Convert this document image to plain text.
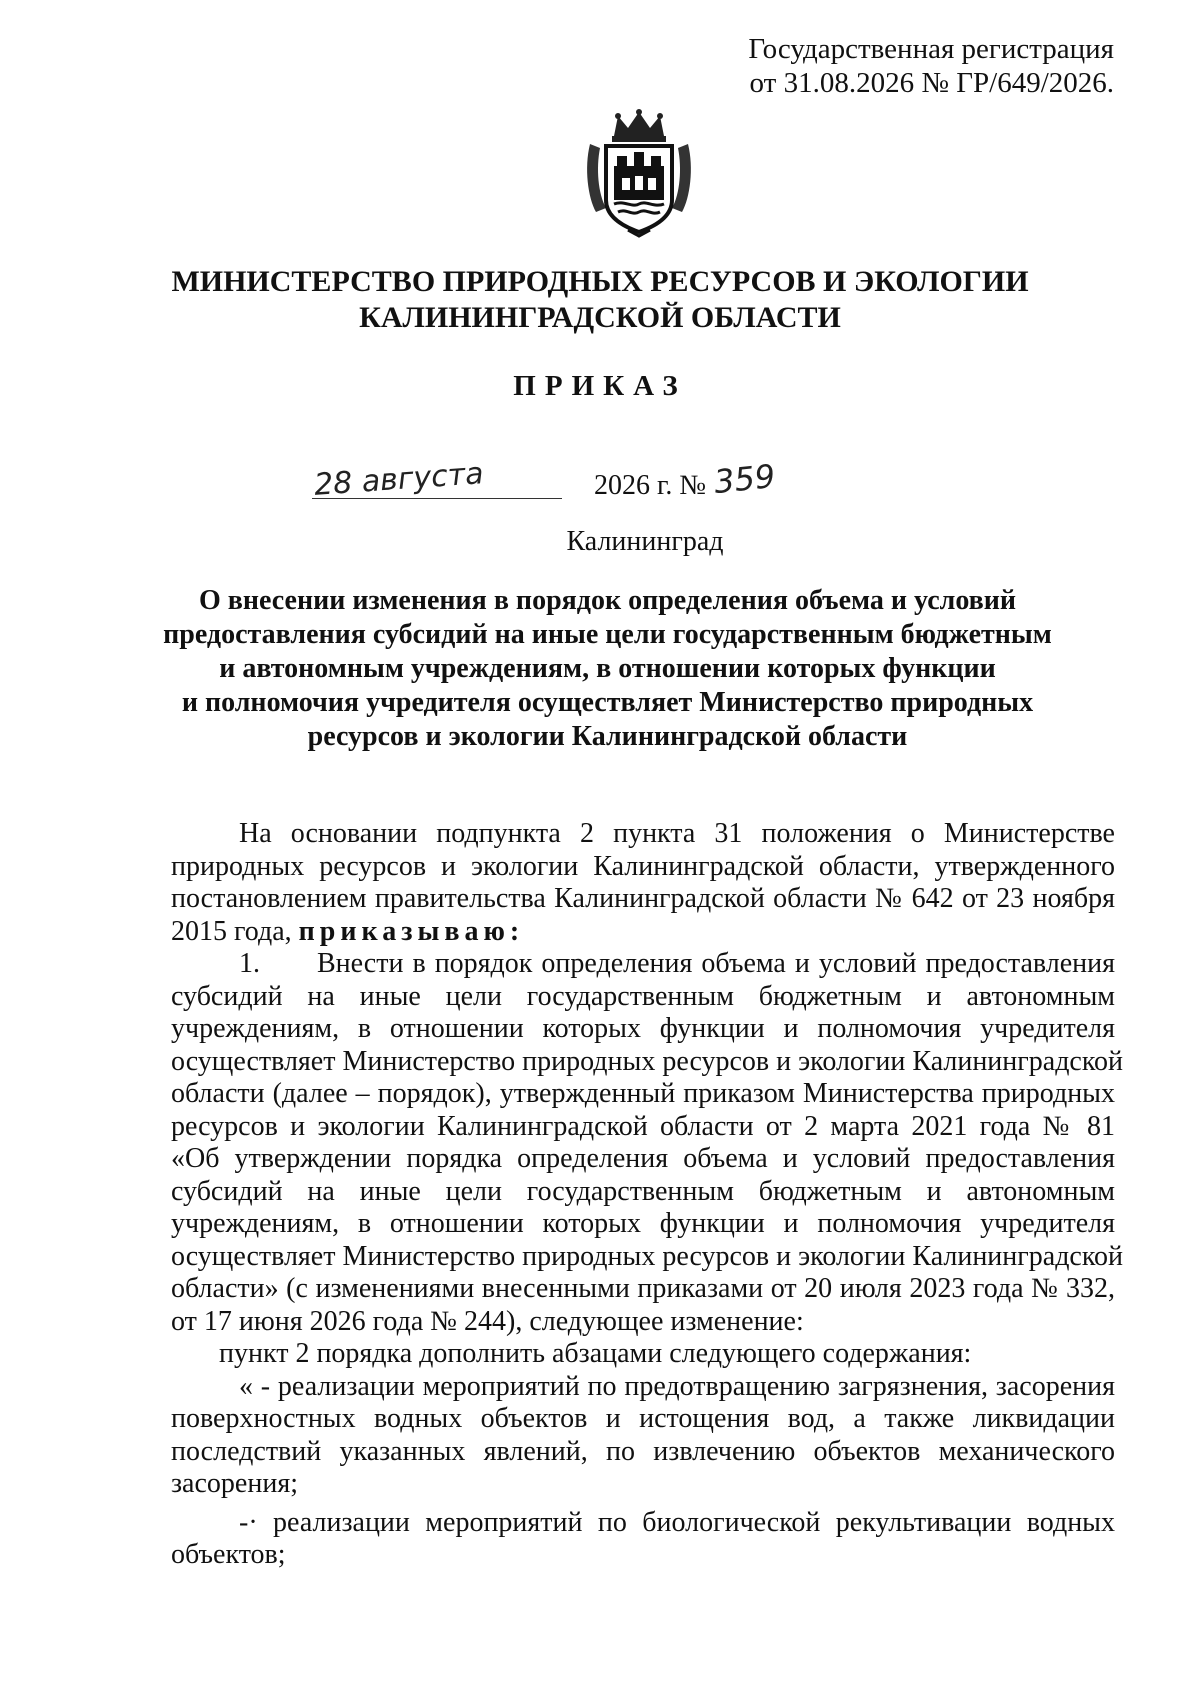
Государственная регистрация
от 31.08.2026 № ГР/649/2026.
МИНИСТЕРСТВО ПРИРОДНЫХ РЕСУРСОВ И ЭКОЛОГИИ
КАЛИНИНГРАДСКОЙ ОБЛАСТИ
ПРИКАЗ
28 августа	2026 г. № 359
Калининград
О внесении изменения в порядок определения объема и условий
предоставления субсидий на иные цели государственным бюджетным
и автономным учреждениям, в отношении которых функции
и полномочия учредителя осуществляет Министерство природных
ресурсов и экологии Калининградской области
На основании подпункта 2 пункта 31 положения о Министерстве
природных ресурсов и экологии Калининградской области, утвержденного
постановлением правительства Калининградской области № 642 от 23 ноября
2015 года, приказываю:
1. Внести в порядок определения объема и условий предоставления
субсидий на иные цели государственным бюджетным и автономным
учреждениям, в отношении которых функции и полномочия учредителя
осуществляет Министерство природных ресурсов и экологии Калининградской
области (далее – порядок), утвержденный приказом Министерства природных
ресурсов и экологии Калининградской области от 2 марта 2021 года № 81
«Об утверждении порядка определения объема и условий предоставления
субсидий на иные цели государственным бюджетным и автономным
учреждениям, в отношении которых функции и полномочия учредителя
осуществляет Министерство природных ресурсов и экологии Калининградской
области» (с изменениями внесенными приказами от 20 июля 2023 года № 332,
от 17 июня 2026 года № 244), следующее изменение:
пункт 2 порядка дополнить абзацами следующего содержания:
« - реализации мероприятий по предотвращению загрязнения, засорения
поверхностных водных объектов и истощения вод, а также ликвидации
последствий указанных явлений, по извлечению объектов механического
засорения;
-· реализации мероприятий по биологической рекультивации водных
объектов;
